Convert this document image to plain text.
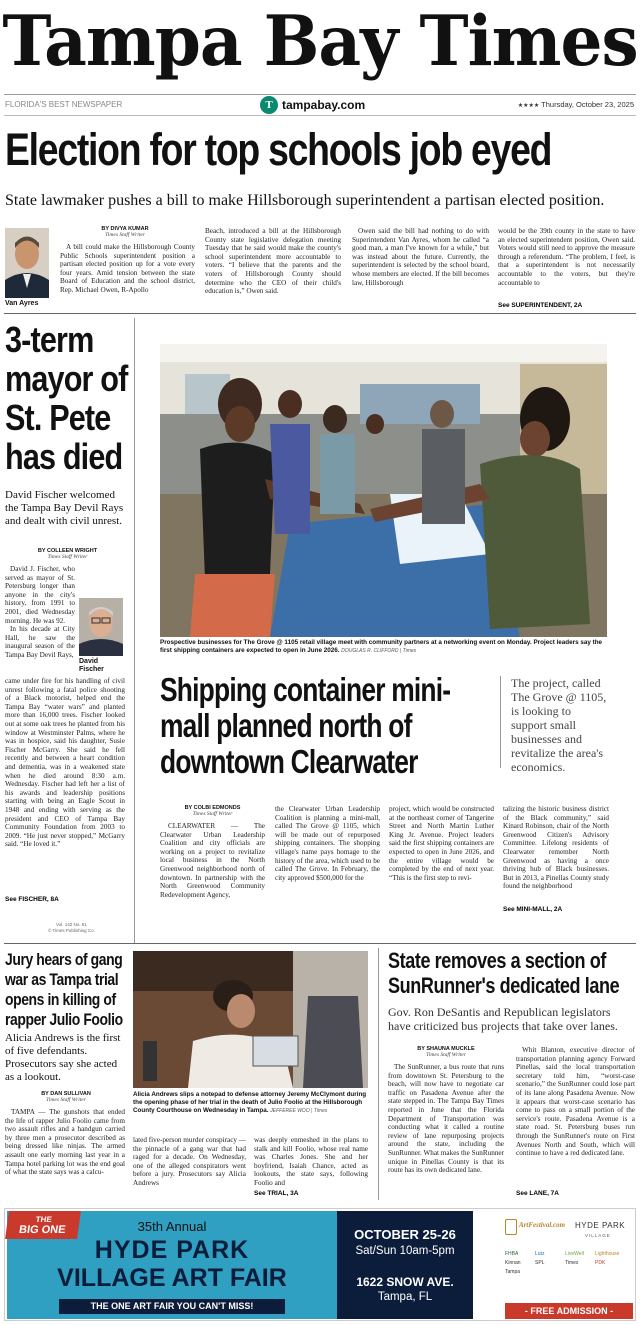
Tampa Bay Times
FLORIDA'S BEST NEWSPAPER	T tampabay.com	★★★★ Thursday, October 23, 2025
Election for top schools job eyed
State lawmaker pushes a bill to make Hillsborough superintendent a partisan elected position.
Van Ayres
BY DIVYA KUMAR
Times Staff Writer
A bill could make the Hillsborough County Public Schools superintendent position a partisan elected position up for a vote every four years. Amid tension between the state Board of Education and the school district, Rep. Michael Owen, R-Apollo
Beach, introduced a bill at the Hillsborough County state legislative delegation meeting Tuesday that he said would make the county's school superintendent more accountable to voters. “I believe that the parents and the voters of Hillsborough County should determine who the CEO of their child's education is,” Owen said.
Owen said the bill had nothing to do with Superintendent Van Ayres, whom he called “a good man, a man I've known for a while,” but was instead about the future. Currently, the superintendent is selected by the school board, whose members are elected. If the bill becomes law, Hillsborough
would be the 39th county in the state to have an elected superintendent position, Owen said. Voters would still need to approve the measure through a referendum. “The problem, I feel, is that a superintendent is not necessarily accountable to the voters, but they're accountable to
See SUPERINTENDENT, 2A
3-term mayor of St. Pete has died
David Fischer welcomed the Tampa Bay Devil Rays and dealt with civil unrest.
BY COLLEEN WRIGHT
Times Staff Writer
David J. Fischer, who served as mayor of St. Petersburg longer than anyone in the city's history, from 1991 to 2001, died Wednesday morning. He was 92.
In his decade at City Hall, he saw the inaugural season of the Tampa Bay Devil Rays,
David Fischer
came under fire for his handling of civil unrest following a fatal police shooting of a Black motorist, helped end the Tampa Bay “water wars” and planted more than 16,000 trees. Fischer looked out at some oak trees he planted from his window at Westminster Palms, where he was in hospice, said his daughter, Susie Fischer McGarry. She said he fell recently and between a heart condition and dementia, was in a weakened state when he died around 8:30 a.m. Wednesday. Fischer had left her a list of his awards and leadership positions starting with being an Eagle Scout in 1948 and ending with serving as the president and CEO of Tampa Bay Community Foundation from 2003 to 2009. “He just never stopped,” McGarry said. “He loved it.”
See FISCHER, 8A
Vol. 142 No. 61
© Times Publishing Co.
Prospective businesses for The Grove @ 1105 retail village meet with community partners at a networking event on Monday. Project leaders say the first shipping containers are expected to open in June 2026. DOUGLAS R. CLIFFORD | Times
Shipping container mini-mall planned north of downtown Clearwater
The project, called The Grove @ 1105, is looking to support small businesses and revitalize the area's economics.
BY COLBI EDMONDS
Times Staff Writer
CLEARWATER — The Clearwater Urban Leadership Coalition and city officials are working on a project to revitalize local business in the North Greenwood neighborhood north of downtown. In partnership with the North Greenwood Community Redevelopment Agency,
the Clearwater Urban Leadership Coalition is planning a mini-mall, called The Grove @ 1105, which will be made out of repurposed shipping containers. The shopping village's name pays homage to the history of the area, which used to be called The Grove. In February, the city approved $500,000 for the
project, which would be constructed at the northeast corner of Tangerine Street and North Martin Luther King Jr. Avenue. Project leaders said the first shipping containers are expected to open in June 2026, and the entire village would be completed by the end of next year. “This is the first step to revi-
talizing the historic business district of the Black community,” said Kinard Robinson, chair of the North Greenwood Citizen's Advisory Committee. Lifelong residents of Clearwater remember North Greenwood as having a once thriving hub of Black businesses. But in 2013, a Pinellas County study found the neighborhood
See MINI-MALL, 2A
Jury hears of gang war as Tampa trial opens in killing of rapper Julio Foolio
Alicia Andrews is the first of five defendants. Prosecutors say she acted as a lookout.
BY DAN SULLIVAN
Times Staff Writer
TAMPA — The gunshots that ended the life of rapper Julio Foolio came from two assault rifles and a handgun carried by three men a prosecutor described as being dressed like ninjas. The armed assault one early morning last year in a Tampa hotel parking lot was the end goal of what the state says was a calcu-
Alicia Andrews slips a notepad to defense attorney Jeremy McClymont during the opening phase of her trial in the death of Julio Foolio at the Hillsborough County Courthouse on Wednesday in Tampa. JEFFEREE WOO | Times
lated five-person murder conspiracy — the pinnacle of a gang war that had raged for a decade. On Wednesday, one of the alleged conspirators went before a jury. Prosecutors say Alicia Andrews
was deeply enmeshed in the plans to stalk and kill Foolio, whose real name was Charles Jones. She and her boyfriend, Isaiah Chance, acted as lookouts, the state says, following Foolio and
See TRIAL, 3A
State removes a section of SunRunner's dedicated lane
Gov. Ron DeSantis and Republican legislators have criticized bus projects that take over lanes.
BY SHAUNA MUCKLE
Times Staff Writer
The SunRunner, a bus route that runs from downtown St. Petersburg to the beach, will now have to negotiate car traffic on Pasadena Avenue after the state stepped in. The Tampa Bay Times reported in June that the Florida Department of Transportation was conducting what it called a routine review of lane repurposing projects around the state, including the SunRunner. What makes the SunRunner unique in Pinellas County is that its route has its own dedicated lane.
Whit Blanton, executive director of transportation planning agency Forward Pinellas, said the local transportation secretary told him, “worst-case scenario,” the SunRunner could lose part of its lane along Pasadena Avenue. Now it appears that worst-case scenario has come to pass on a small portion of the service's route. Pasadena Avenue is a state road. St. Petersburg buses run through the SunRunner's route on First Avenues North and South, which will continue to have a red dedicated lane.
See LANE, 7A
THE
BIG ONE	35th Annual
HYDE PARK
VILLAGE ART FAIR
THE ONE ART FAIR YOU CAN'T MISS!
OCTOBER 25-26
Sat/Sun 10am-5pm
1622 SNOW AVE.
Tampa, FL
ArtFestival.com HYDE PARK
VILLAGE
FHBA	Lutz	LiveWell	Lighthouse
Kinnan	SPL	Times	PDK
Tampa
- FREE ADMISSION -
